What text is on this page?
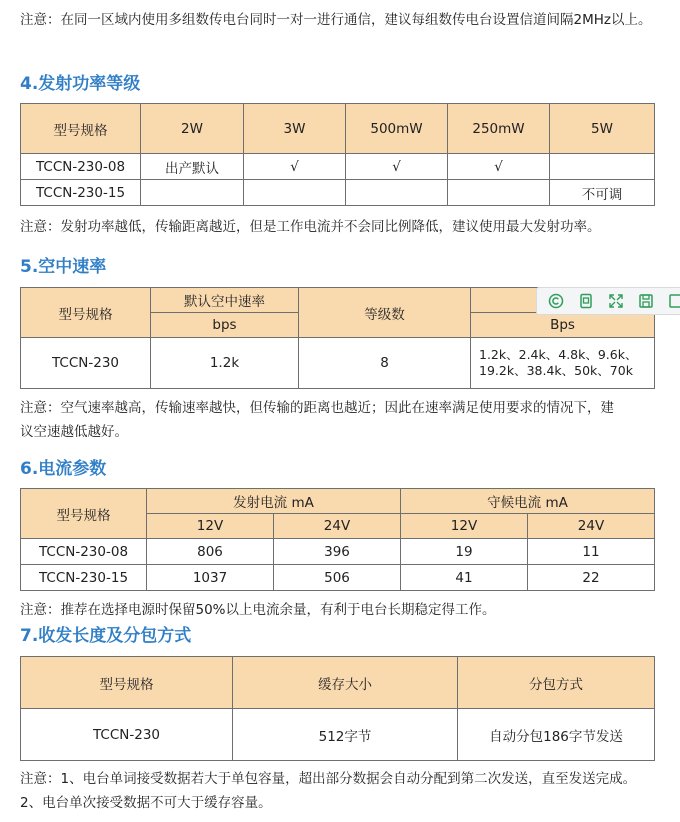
注意：在同一区域内使用多组数传电台同时一对一进行通信，建议每组数传电台设置信道间隔2MHz以上。

4.发射功率等级
型号规格	2W	3W	500mW	250mW	5W
TCCN-230-08	出产默认	√	√	√	
TCCN-230-15					不可调

注意：发射功率越低，传输距离越近，但是工作电流并不会同比例降低，建议使用最大发射功率。

5.空中速率
型号规格	默认空中速率	等级数	
	bps		Bps
TCCN-230	1.2k	8	1.2k、2.4k、4.8k、9.6k、
19.2k、38.4k、50k、70k

注意：空气速率越高，传输速率越快，但传输的距离也越近；因此在速率满足使用要求的情况下，建

议空速越低越好。

6.电流参数
型号规格	发射电流 mA		守候电流 mA	
	12V	24V	12V	24V
TCCN-230-08	806	396	19	11
TCCN-230-15	1037	506	41	22

注意：推荐在选择电源时保留50%以上电流余量，有利于电台长期稳定得工作。

7.收发长度及分包方式
型号规格	缓存大小	分包方式
TCCN-230	512字节	自动分包186字节发送

注意：1、电台单词接受数据若大于单包容量，超出部分数据会自动分配到第二次发送，直至发送完成。

2、电台单次接受数据不可大于缓存容量。
